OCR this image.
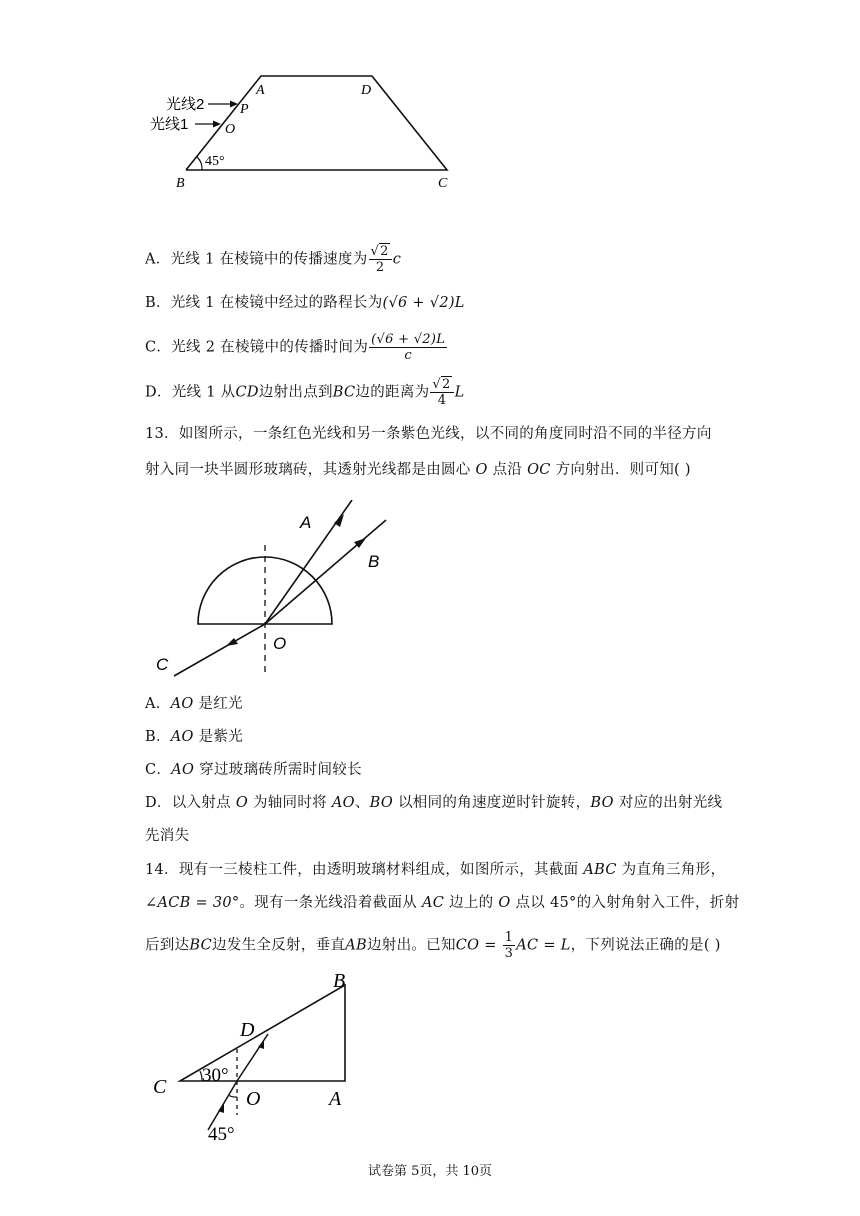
光线2
光线1
A	D
P
O
B	C
45°
A．光线 1 在棱镜中的传播速度为 $\frac{√2}{2}$ c
B．光线 1 在棱镜中经过的路程长为(√6 + √2)L
C．光线 2 在棱镜中的传播时间为 $\frac{(√6 + √2)L}{c}$
D．光线 1 从CD边射出点到BC边的距离为 $\frac{√2}{4}$ L
13．如图所示，一条红色光线和另一条紫色光线，以不同的角度同时沿不同的半径方向
射入同一块半圆形玻璃砖，其透射光线都是由圆心 O 点沿 OC 方向射出．则可知( )
A
B
C
O
A．AO 是红光
B．AO 是紫光
C．AO 穿过玻璃砖所需时间较长
D．以入射点 O 为轴同时将 AO、BO 以相同的角速度逆时针旋转，BO 对应的出射光线
先消失
14．现有一三棱柱工件，由透明玻璃材料组成，如图所示，其截面 ABC 为直角三角形，
∠ACB = 30°。现有一条光线沿着截面从 AC 边上的 O 点以 45°的入射角射入工件，折射
后到达BC边发生全反射，垂直AB边射出。已知CO = $\frac{1}{3}$ AC = L，下列说法正确的是( )
B
D
C
O	A
30°
45°
试卷第 5页，共 10页
